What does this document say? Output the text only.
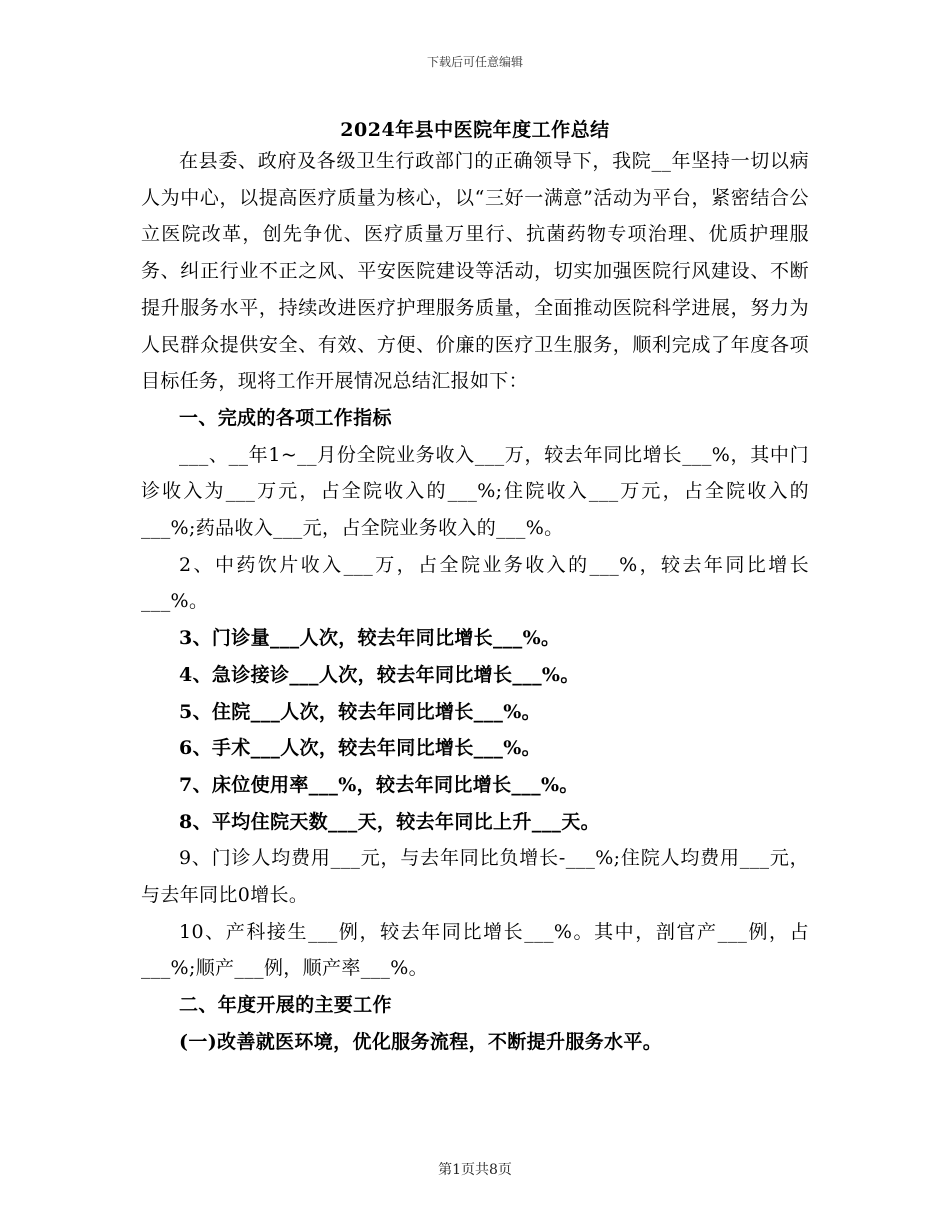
下载后可任意编辑
2024年县中医院年度工作总结

在县委、政府及各级卫生行政部门的正确领导下，我院__年坚持一切以病人为中心，以提高医疗质量为核心，以“三好一满意”活动为平台，紧密结合公立医院改革，创先争优、医疗质量万里行、抗菌药物专项治理、优质护理服务、纠正行业不正之风、平安医院建设等活动，切实加强医院行风建设、不断提升服务水平，持续改进医疗护理服务质量，全面推动医院科学进展，努力为人民群众提供安全、有效、方便、价廉的医疗卫生服务，顺利完成了年度各项目标任务，现将工作开展情况总结汇报如下：

一、完成的各项工作指标

___、__年1~__月份全院业务收入___万，较去年同比增长___%，其中门诊收入为___万元，占全院收入的___%;住院收入___万元，占全院收入的___%;药品收入___元，占全院业务收入的___%。

2、中药饮片收入___万，占全院业务收入的___%，较去年同比增长___%。

3、门诊量___人次，较去年同比增长___%。

4、急诊接诊___人次，较去年同比增长___%。

5、住院___人次，较去年同比增长___%。

6、手术___人次，较去年同比增长___%。

7、床位使用率___%，较去年同比增长___%。

8、平均住院天数___天，较去年同比上升___天。

9、门诊人均费用___元，与去年同比负增长-___%;住院人均费用___元，与去年同比0增长。

10、产科接生___例，较去年同比增长___%。其中，剖官产___例，占___%;顺产___例，顺产率___%。

二、年度开展的主要工作

(一)改善就医环境，优化服务流程，不断提升服务水平。

第1页共8页
